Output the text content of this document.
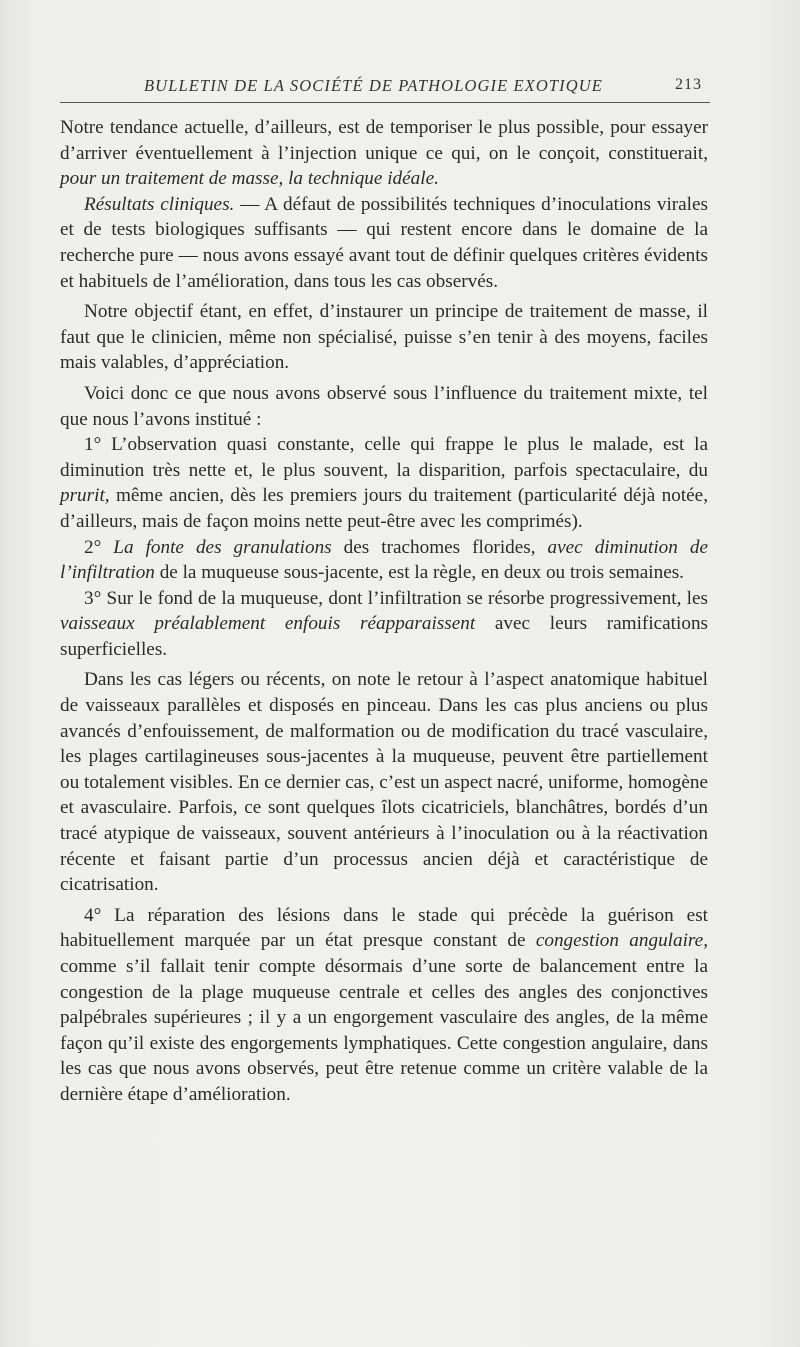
BULLETIN DE LA SOCIÉTÉ DE PATHOLOGIE EXOTIQUE	213

Notre tendance actuelle, d’ailleurs, est de temporiser le plus possible, pour essayer d’arriver éventuellement à l’injection unique ce qui, on le conçoit, constituerait, pour un traitement de masse, la technique idéale.

Résultats cliniques. — A défaut de possibilités techniques d’inoculations virales et de tests biologiques suffisants — qui restent encore dans le domaine de la recherche pure — nous avons essayé avant tout de définir quelques critères évidents et habituels de l’amélioration, dans tous les cas observés.

Notre objectif étant, en effet, d’instaurer un principe de traitement de masse, il faut que le clinicien, même non spécialisé, puisse s’en tenir à des moyens, faciles mais valables, d’appréciation.

Voici donc ce que nous avons observé sous l’influence du traitement mixte, tel que nous l’avons institué :

1° L’observation quasi constante, celle qui frappe le plus le malade, est la diminution très nette et, le plus souvent, la disparition, parfois spectaculaire, du prurit, même ancien, dès les premiers jours du traitement (particularité déjà notée, d’ailleurs, mais de façon moins nette peut-être avec les comprimés).

2° La fonte des granulations des trachomes florides, avec diminution de l’infiltration de la muqueuse sous-jacente, est la règle, en deux ou trois semaines.

3° Sur le fond de la muqueuse, dont l’infiltration se résorbe progressivement, les vaisseaux préalablement enfouis réapparaissent avec leurs ramifications superficielles.

Dans les cas légers ou récents, on note le retour à l’aspect anatomique habituel de vaisseaux parallèles et disposés en pinceau. Dans les cas plus anciens ou plus avancés d’enfouissement, de malformation ou de modification du tracé vasculaire, les plages cartilagineuses sous-jacentes à la muqueuse, peuvent être partiellement ou totalement visibles. En ce dernier cas, c’est un aspect nacré, uniforme, homogène et avasculaire. Parfois, ce sont quelques îlots cicatriciels, blanchâtres, bordés d’un tracé atypique de vaisseaux, souvent antérieurs à l’inoculation ou à la réactivation récente et faisant partie d’un processus ancien déjà et caractéristique de cicatrisation.

4° La réparation des lésions dans le stade qui précède la guérison est habituellement marquée par un état presque constant de congestion angulaire, comme s’il fallait tenir compte désormais d’une sorte de balancement entre la congestion de la plage muqueuse centrale et celles des angles des conjonctives palpébrales supérieures ; il y a un engorgement vasculaire des angles, de la même façon qu’il existe des engorgements lymphatiques. Cette congestion angulaire, dans les cas que nous avons observés, peut être retenue comme un critère valable de la dernière étape d’amélioration.
